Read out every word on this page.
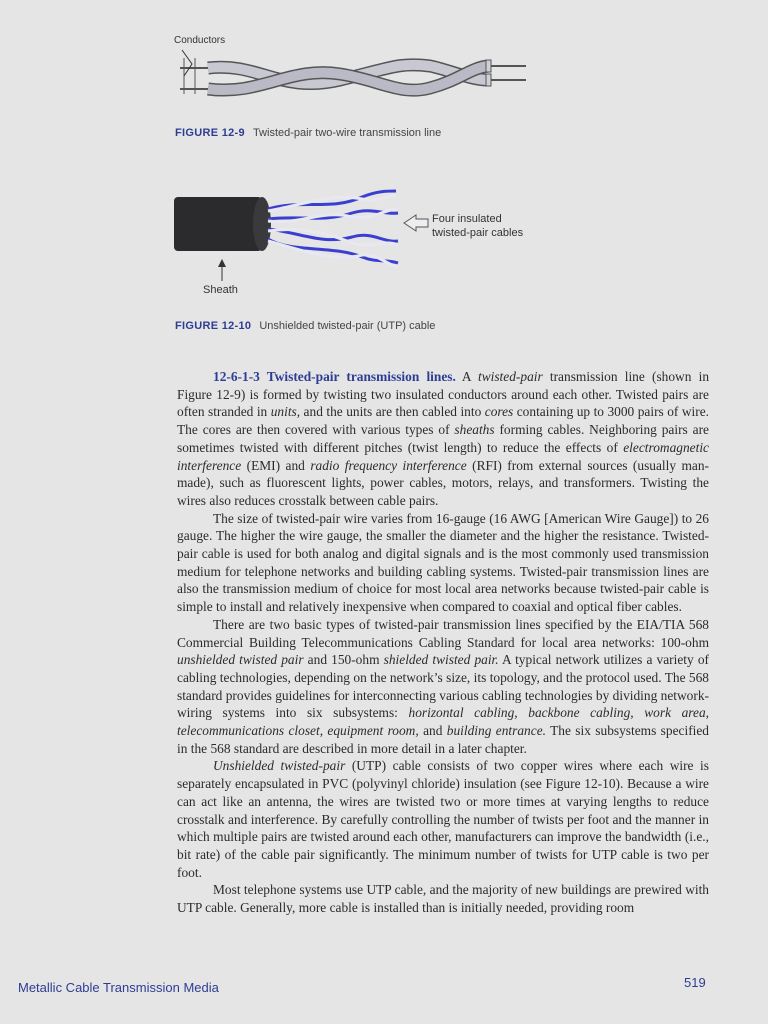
Conductors
FIGURE 12-9 Twisted-pair two-wire transmission line
Four insulated
twisted-pair cables
Sheath
FIGURE 12-10 Unshielded twisted-pair (UTP) cable

12-6-1-3 Twisted-pair transmission lines. A twisted-pair transmission line (shown in Figure 12-9) is formed by twisting two insulated conductors around each other. Twisted pairs are often stranded in units, and the units are then cabled into cores containing up to 3000 pairs of wire. The cores are then covered with various types of sheaths forming cables. Neighboring pairs are sometimes twisted with different pitches (twist length) to reduce the effects of electromagnetic interference (EMI) and radio frequency interference (RFI) from external sources (usually man-made), such as fluorescent lights, power cables, motors, relays, and transformers. Twisting the wires also reduces crosstalk between cable pairs.

The size of twisted-pair wire varies from 16-gauge (16 AWG [American Wire Gauge]) to 26 gauge. The higher the wire gauge, the smaller the diameter and the higher the resistance. Twisted-pair cable is used for both analog and digital signals and is the most commonly used transmission medium for telephone networks and building cabling systems. Twisted-pair transmission lines are also the transmission medium of choice for most local area networks because twisted-pair cable is simple to install and relatively inexpensive when compared to coaxial and optical fiber cables.

There are two basic types of twisted-pair transmission lines specified by the EIA/TIA 568 Commercial Building Telecommunications Cabling Standard for local area networks: 100-ohm unshielded twisted pair and 150-ohm shielded twisted pair. A typical network utilizes a variety of cabling technologies, depending on the network’s size, its topology, and the protocol used. The 568 standard provides guidelines for interconnecting various cabling technologies by dividing network-wiring systems into six subsystems: horizontal cabling, backbone cabling, work area, telecommunications closet, equipment room, and building entrance. The six subsystems specified in the 568 standard are described in more detail in a later chapter.

Unshielded twisted-pair (UTP) cable consists of two copper wires where each wire is separately encapsulated in PVC (polyvinyl chloride) insulation (see Figure 12-10). Because a wire can act like an antenna, the wires are twisted two or more times at varying lengths to reduce crosstalk and interference. By carefully controlling the number of twists per foot and the manner in which multiple pairs are twisted around each other, manufacturers can improve the bandwidth (i.e., bit rate) of the cable pair significantly. The minimum number of twists for UTP cable is two per foot.

Most telephone systems use UTP cable, and the majority of new buildings are prewired with UTP cable. Generally, more cable is installed than is initially needed, providing room

Metallic Cable Transmission Media	519
